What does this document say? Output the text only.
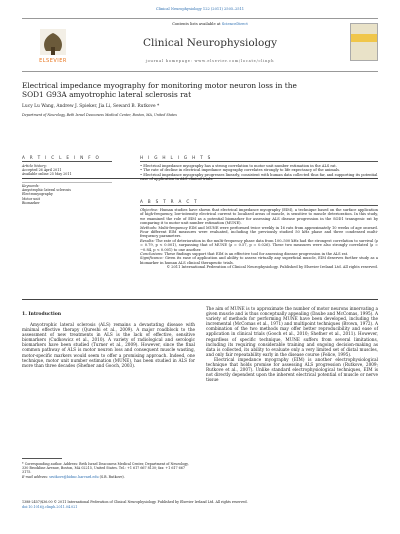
Clinical Neurophysiology 122 (2011) 2505–2511
ELSEVIER
Contents lists available at ScienceDirect
Clinical Neurophysiology
journal homepage: www.elsevier.com/locate/clinph
Electrical impedance myography for monitoring motor neuron loss in the
SOD1 G93A amyotrophic lateral sclerosis rat
Lucy Lu Wang, Andrew J. Spieker, Jia Li, Seward B. Rutkove *
Department of Neurology, Beth Israel Deaconess Medical Center, Boston, MA, United States
A R T I C L E I N F O
Article history:
Accepted 26 April 2011
Available online 25 May 2011
Keywords:
Amyotrophic lateral sclerosis
Electromyography
Motor unit
Biomarker
H I G H L I G H T S
• Electrical impedance myography has a strong correlation to motor unit number estimation in the ALS rat.
• The rate of decline in electrical impedance myography correlates strongly to life expectancy of the animals.
• Electrical impedance myography progresses linearly, consistent with human data collected thus far, and supporting its potential ease of application in ALS clinical trials.
A B S T R A C T
Objective: Human studies have shown that electrical impedance myography (EIM), a technique based on the surface application of high-frequency, low-intensity electrical current to localized areas of muscle, is sensitive to muscle deterioration. In this study, we examined the role of EIM as a potential biomarker for assessing ALS disease progression in the SOD1 transgenic rat by comparing it to motor unit number estimation (MUNE).
Methods: Multi-frequency EIM and MUNE were performed twice weekly in 16 rats from approximately 10 weeks of age onward. Four different EIM measures were evaluated, including the previously studied 50 kHz phase and three condensed multi-frequency parameters.
Results: The rate of deterioration in the multi-frequency phase data from 100–500 kHz had the strongest correlation to survival (ρ = 0.79, p < 0.001), surpassing that of MUNE (ρ = 0.57, p = 0.026). These two measures were also strongly correlated (ρ = −0.84, p < 0.001) to one another.
Conclusions: These findings support that EIM is an effective tool for assessing disease progression in the ALS rat.
Significance: Given its ease of application and ability to assess virtually any superficial muscle, EIM deserves further study as a biomarker in human ALS clinical therapeutic trials.
© 2011 International Federation of Clinical Neurophysiology. Published by Elsevier Ireland Ltd. All rights reserved.
1. Introduction
Amyotrophic lateral sclerosis (ALS) remains a devastating disease with minimal effective therapy (Qureshi et al., 2009). A major roadblock to the assessment of new treatments in ALS is the lack of effective, sensitive biomarkers (Cudkowicz et al., 2010). A variety of radiological and serologic biomarkers have been studied (Turner et al., 2009). However, since the final common pathway of ALS is motor neuron loss and consequent muscle wasting, motor-specific markers would seem to offer a promising approach. Indeed, one technique, motor unit number estimation (MUNE), has been studied in ALS for more than three decades (Shefner and Gooch, 2003).
The aim of MUNE is to approximate the number of motor neurons innervating a given muscle and is thus conceptually appealing (Daube and McComas, 1995). A variety of methods for performing MUNE have been developed, including the incremental (McComas et al., 1971) and multipoint techniques (Brown, 1972). A combination of the two methods may offer better reproducibility and ease of application in clinical trials (Gooch et al., 2010; Shefner et al., 2011). However, regardless of specific technique, MUNE suffers from several limitations, including its requiring considerable training and ongoing decision-making as data is collected, its ability to evaluate only a very limited set of distal muscles, and only fair repeatability early in the disease course (Felice, 1995).
Electrical impedance myography (EIM) is another electrophysiological technique that holds promise for assessing ALS progression (Rutkove, 2009; Rutkove et al., 2007). Unlike standard electrophysiological techniques, EIM is not directly dependent upon the inherent electrical potential of muscle or nerve tissue
* Corresponding author. Address: Beth Israel Deaconess Medical Center, Department of Neurology, 330 Brookline Avenue, Boston, MA 02215, United States. Tel.: +1 617 667 8130; fax: +1 617 667 3175.
E-mail address: srutkove@bidmc.harvard.edu (S.B. Rutkove).
1388-2457/$36.00 © 2011 International Federation of Clinical Neurophysiology. Published by Elsevier Ireland Ltd. All rights reserved.
doi:10.1016/j.clinph.2011.04.021
